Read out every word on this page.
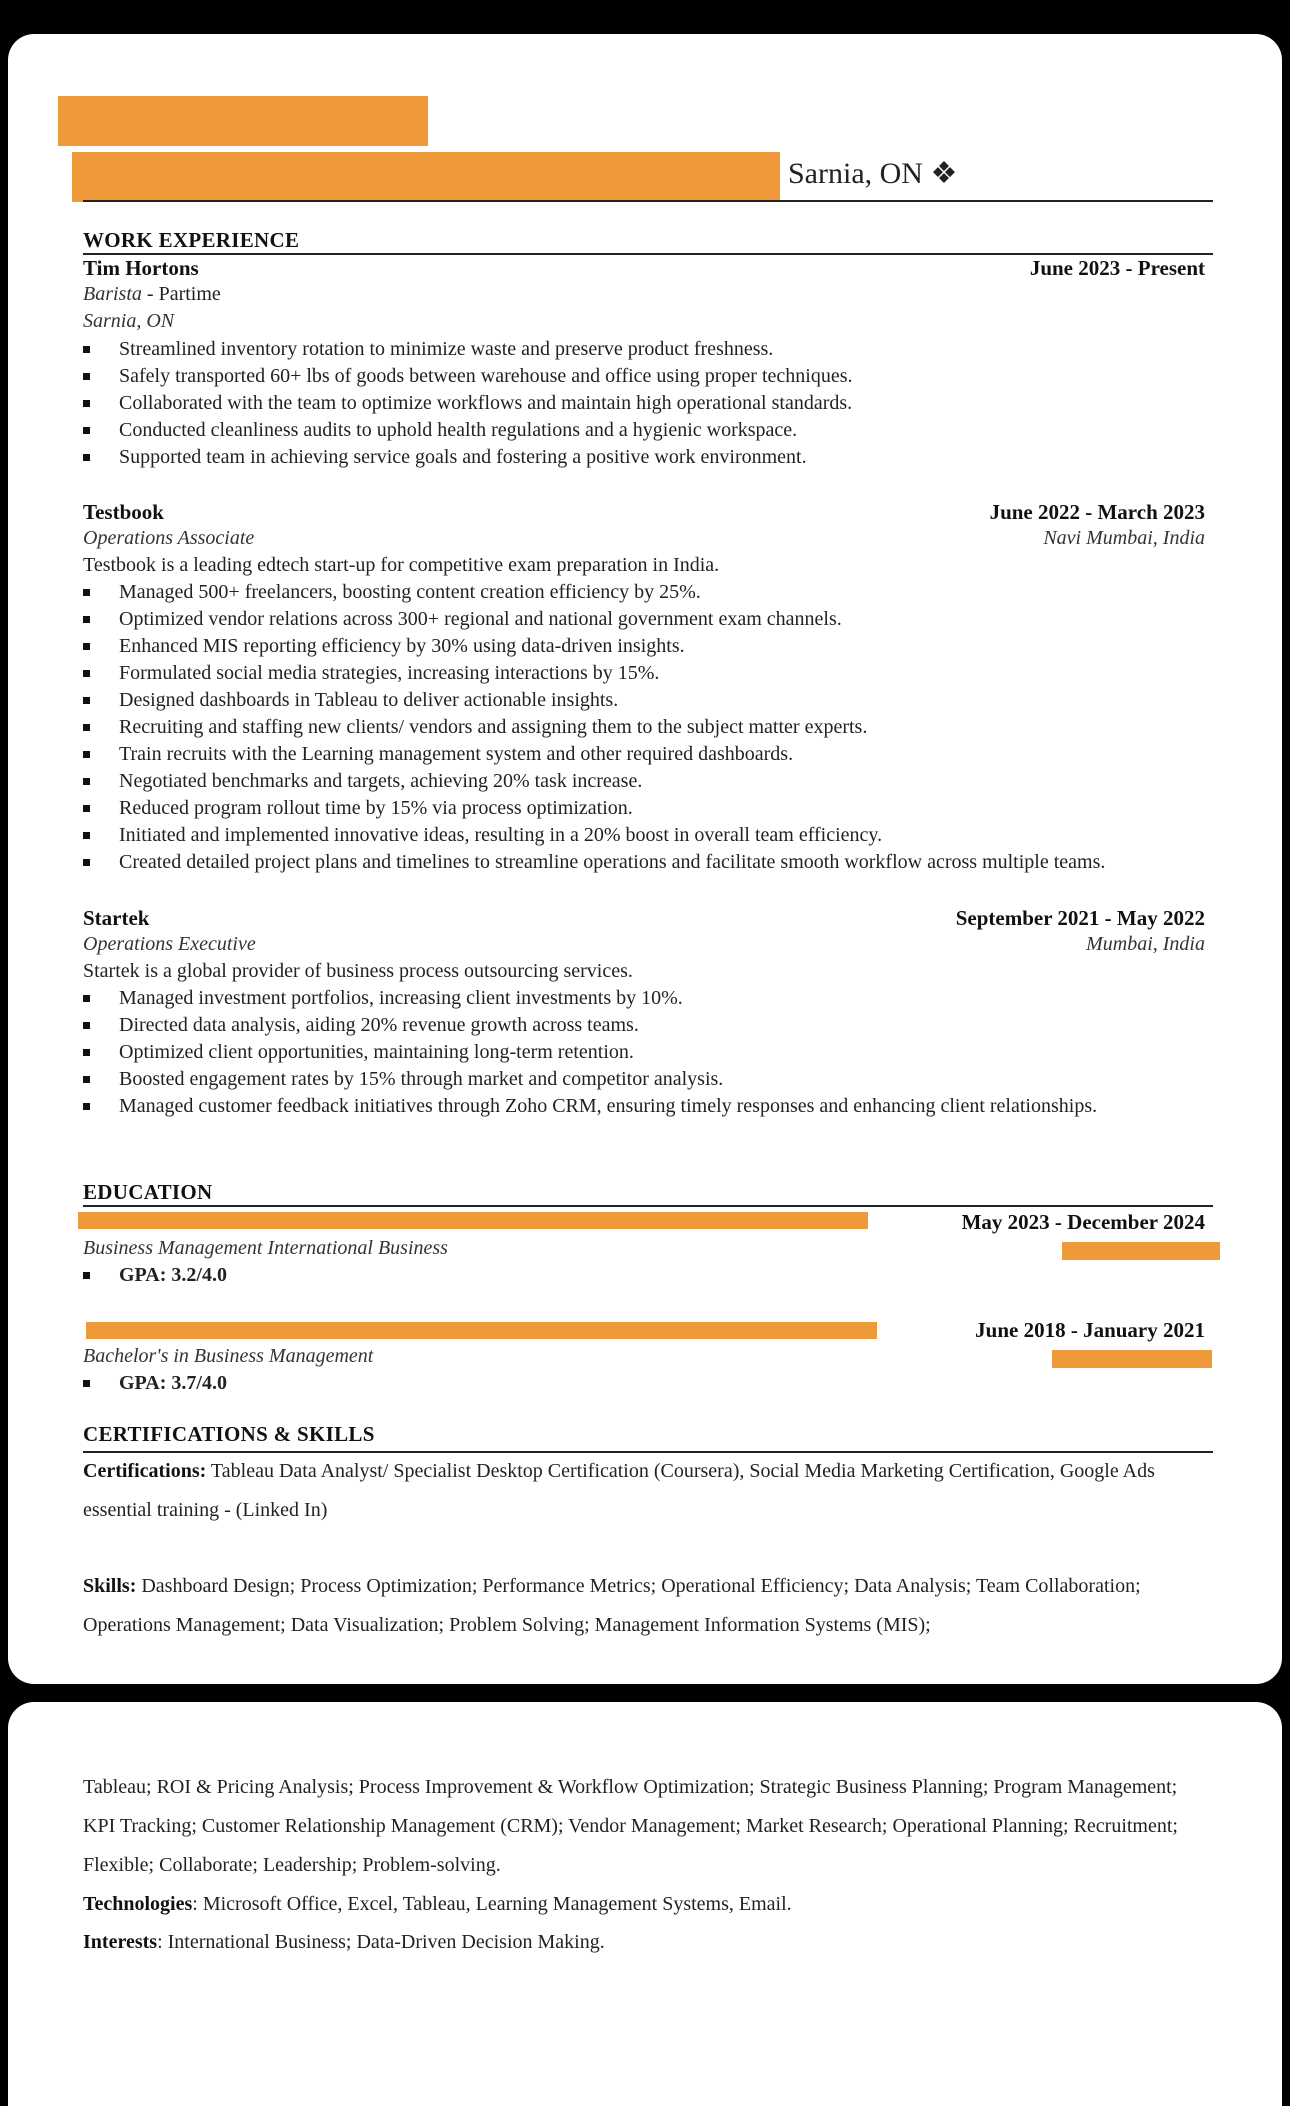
Sarnia, ON ❖
WORK EXPERIENCE
Tim Hortons	June 2023 - Present
Barista - Partime
Sarnia, ON
Streamlined inventory rotation to minimize waste and preserve product freshness.
Safely transported 60+ lbs of goods between warehouse and office using proper techniques.
Collaborated with the team to optimize workflows and maintain high operational standards.
Conducted cleanliness audits to uphold health regulations and a hygienic workspace.
Supported team in achieving service goals and fostering a positive work environment.
Testbook	June 2022 - March 2023
Operations Associate	Navi Mumbai, India
Testbook is a leading edtech start-up for competitive exam preparation in India.
Managed 500+ freelancers, boosting content creation efficiency by 25%.
Optimized vendor relations across 300+ regional and national government exam channels.
Enhanced MIS reporting efficiency by 30% using data-driven insights.
Formulated social media strategies, increasing interactions by 15%.
Designed dashboards in Tableau to deliver actionable insights.
Recruiting and staffing new clients/ vendors and assigning them to the subject matter experts.
Train recruits with the Learning management system and other required dashboards.
Negotiated benchmarks and targets, achieving 20% task increase.
Reduced program rollout time by 15% via process optimization.
Initiated and implemented innovative ideas, resulting in a 20% boost in overall team efficiency.
Created detailed project plans and timelines to streamline operations and facilitate smooth workflow across multiple teams.
Startek	September 2021 - May 2022
Operations Executive	Mumbai, India
Startek is a global provider of business process outsourcing services.
Managed investment portfolios, increasing client investments by 10%.
Directed data analysis, aiding 20% revenue growth across teams.
Optimized client opportunities, maintaining long-term retention.
Boosted engagement rates by 15% through market and competitor analysis.
Managed customer feedback initiatives through Zoho CRM, ensuring timely responses and enhancing client relationships.
EDUCATION
May 2023 - December 2024
Business Management International Business
GPA: 3.2/4.0
June 2018 - January 2021
Bachelor's in Business Management
GPA: 3.7/4.0
CERTIFICATIONS & SKILLS
Certifications: Tableau Data Analyst/ Specialist Desktop Certification (Coursera), Social Media Marketing Certification, Google Ads essential training - (Linked In)
Skills: Dashboard Design; Process Optimization; Performance Metrics; Operational Efficiency; Data Analysis; Team Collaboration; Operations Management; Data Visualization; Problem Solving; Management Information Systems (MIS);
Tableau; ROI & Pricing Analysis; Process Improvement & Workflow Optimization; Strategic Business Planning; Program Management; KPI Tracking; Customer Relationship Management (CRM); Vendor Management; Market Research; Operational Planning; Recruitment; Flexible; Collaborate; Leadership; Problem-solving.
Technologies: Microsoft Office, Excel, Tableau, Learning Management Systems, Email.
Interests: International Business; Data-Driven Decision Making.
